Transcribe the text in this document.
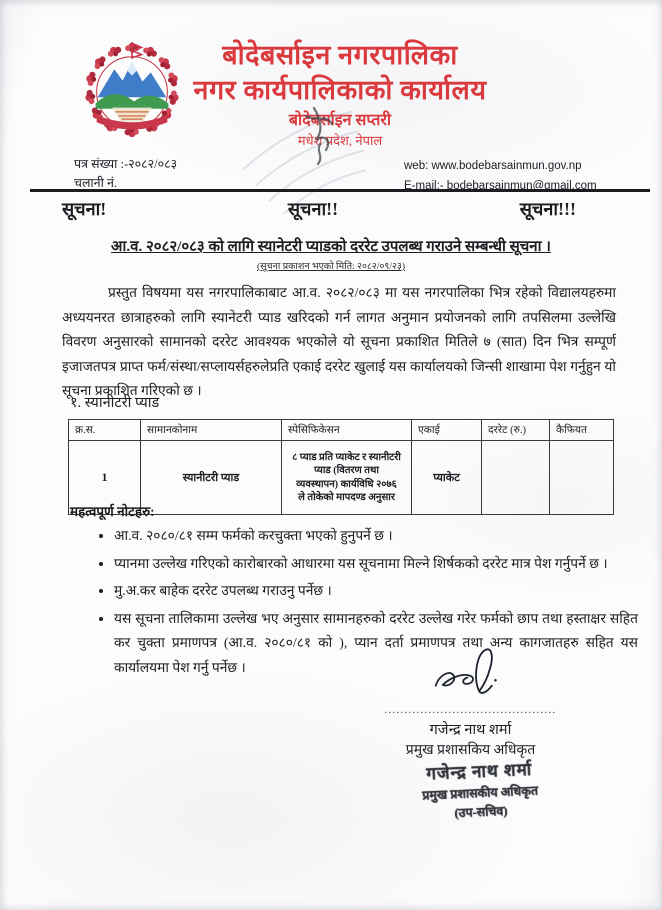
बोदेबर्साइन नगरपालिका
नगर कार्यपालिकाको कार्यालय
बोदेबर्साइन सप्तरी
मधेश प्रदेश, नेपाल
पत्र संख्या :-२०८२/०८३
चलानी नं.
web: www.bodebarsainmun.gov.np
E-mail:- bodebarsainmun@gmail.com
सूचना!	सूचना!!	सूचना!!!
आ.व. २०८२/०८३ को लागि स्यानेटरी प्याडको दररेट उपलब्ध गराउने सम्बन्धी सूचना ।
(सूचना प्रकाशन भएको मिति: २०८२/०९/२३)
प्रस्तुत विषयमा यस नगरपालिकाबाट आ.व. २०८२/०८३ मा यस नगरपालिका भित्र रहेको विद्यालयहरुमा अध्ययनरत छात्राहरुको लागि स्यानेटरी प्याड खरिदको गर्न लागत अनुमान प्रयोजनको लागि तपसिलमा उल्लेखि विवरण अनुसारको सामानको दररेट आवश्यक भएकोले यो सूचना प्रकाशित मितिले ७ (सात) दिन भित्र सम्पूर्ण इजाजतपत्र प्राप्त फर्म/संस्था/सप्लायर्सहरुलेप्रति एकाई दररेट खुलाई यस कार्यालयको जिन्सी शाखामा पेश गर्नुहुन यो सूचना प्रकाशित गरिएको छ ।
१. स्यानीटरी प्याड
क्र.स.	सामानकोनाम	स्पेसिफिकेसन	एकाई	दररेट (रु.)	कैफियत
1	स्यानीटरी प्याड	८ प्याड प्रति प्याकेट र स्यानीटरी प्याड (वितरण तथा व्यवस्थापन) कार्यविधि २०७६ ले तोकेको मापदण्ड अनुसार	प्याकेट		
महत्वपूर्ण नोटहरु:
• आ.व. २०८०/८१ सम्म फर्मको करचुक्ता भएको हुनुपर्ने छ ।
• प्यानमा उल्लेख गरिएको कारोबारको आधारमा यस सूचनामा मिल्ने शिर्षकको दररेट मात्र पेश गर्नुपर्ने छ ।
• मु.अ.कर बाहेक दररेट उपलब्ध गराउनु पर्नेछ ।
• यस सूचना तालिकामा उल्लेख भए अनुसार सामानहरुको दररेट उल्लेख गरेर फर्मको छाप तथा हस्ताक्षर सहित कर चुक्ता प्रमाणपत्र (आ.व. २०८०/८१ को ), प्यान दर्ता प्रमाणपत्र तथा अन्य कागजातहरु सहित यस कार्यालयमा पेश गर्नु पर्नेछ ।
...........................................
गजेन्द्र नाथ शर्मा
प्रमुख प्रशासकिय अधिकृत
गजेन्द्र नाथ शर्मा
प्रमुख प्रशासकीय अधिकृत
(उप-सचिव)
